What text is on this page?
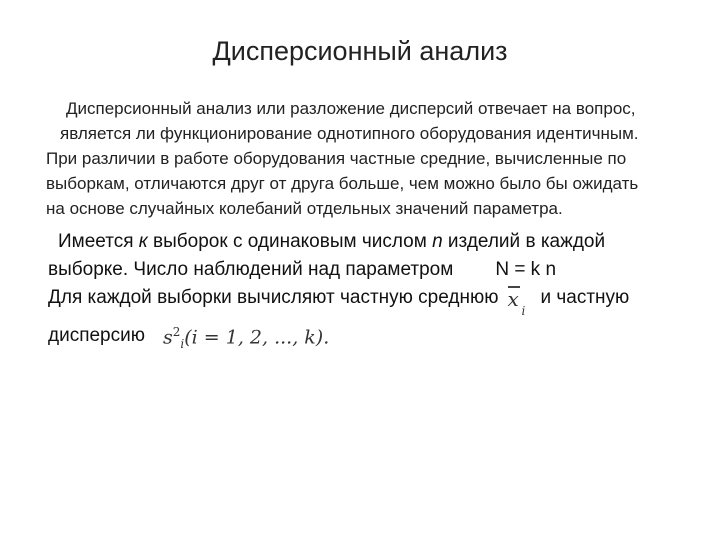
Дисперсионный анализ
Дисперсионный анализ или разложение дисперсий отвечает на вопрос,
является ли функционирование однотипного оборудования идентичным.
При различии в работе оборудования частные средние, вычисленные по
выборкам, отличаются друг от друга больше, чем можно было бы ожидать
на основе случайных колебаний отдельных значений параметра.
Имеется к выборок с одинаковым числом n изделий в каждой
выборке. Число наблюдений над параметром N = k n
Для каждой выборки вычисляют частную среднюю x i
и частную
дисперсию $s^2_i(i = 1$, 2, ..., k).
